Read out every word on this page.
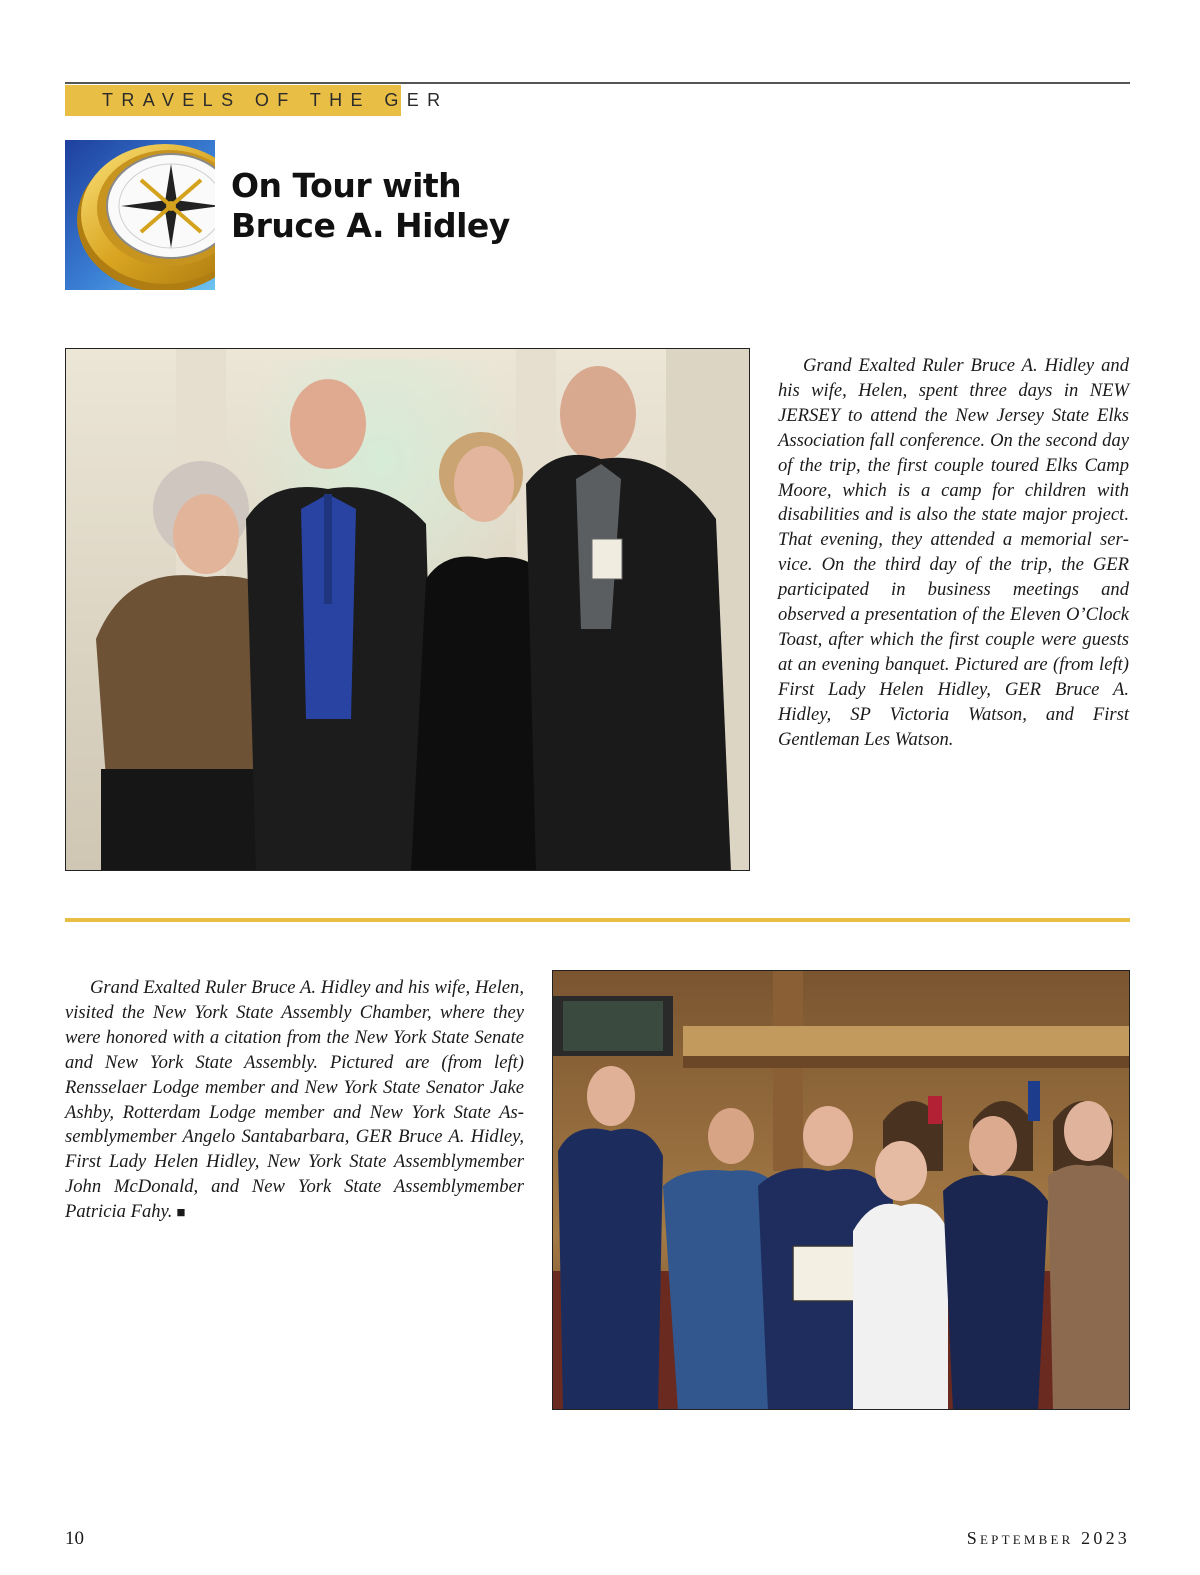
TRAVELS OF THE GER
On Tour with
Bruce A. Hidley

Grand Exalted Ruler Bruce A. Hidley and his wife, Helen, spent three days in NEW JERSEY to attend the New Jersey State Elks Association fall conference. On the second day of the trip, the first couple toured Elks Camp Moore, which is a camp for children with disabilities and is also the state major project. That evening, they attended a memorial service. On the third day of the trip, the GER participated in business meetings and observed a presentation of the Eleven O’Clock Toast, after which the first couple were guests at an evening banquet. Pictured are (from left) First Lady Helen Hidley, GER Bruce A. Hidley, SP Victoria Watson, and First Gentleman Les Watson.

Grand Exalted Ruler Bruce A. Hidley and his wife, Helen, visited the New York State Assembly Chamber, where they were honored with a citation from the New York State Senate and New York State Assembly. Pictured are (from left) Rensselaer Lodge member and New York State Senator Jake Ashby, Rotterdam Lodge member and New York State Assemblymember Angelo Santabarbara, GER Bruce A. Hidley, First Lady Helen Hidley, New York State Assemblymember John McDonald, and New York State Assemblymember Patricia Fahy. ■

10	September 2023
